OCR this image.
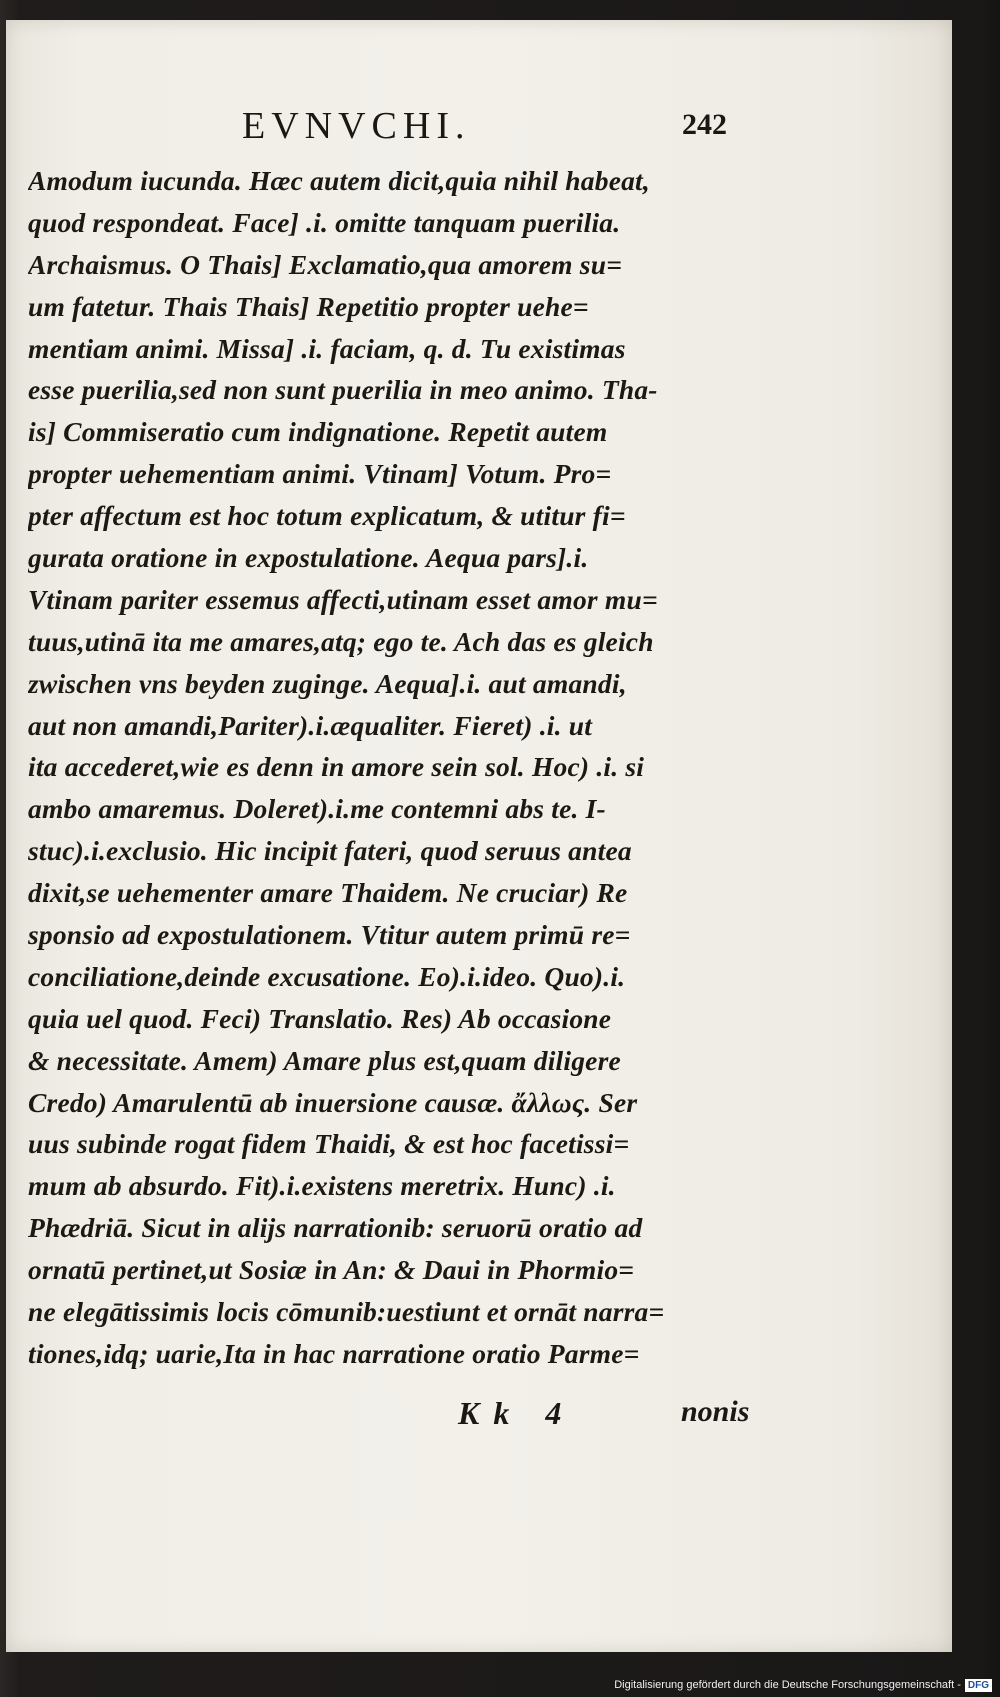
EVNVCHI.	242
Amodum iucunda. Hæc autem dicit,quia nihil habeat,
quod respondeat. Face] .i. omitte tanquam puerilia.
Archaismus. O Thais] Exclamatio,qua amorem su=
um fatetur. Thais Thais] Repetitio propter uehe=
mentiam animi. Missa] .i. faciam, q. d. Tu existimas
esse puerilia,sed non sunt puerilia in meo animo. Tha-
is] Commiseratio cum indignatione. Repetit autem
propter uehementiam animi. Vtinam] Votum. Pro=
pter affectum est hoc totum explicatum, & utitur fi=
gurata oratione in expostulatione. Aequa pars].i.
Vtinam pariter essemus affecti,utinam esset amor mu=
tuus,utinā ita me amares,atq; ego te. Ach das es gleich
zwischen vns beyden zuginge. Aequa].i. aut amandi,
aut non amandi,Pariter).i.æqualiter. Fieret) .i. ut
ita accederet,wie es denn in amore sein sol. Hoc) .i. si
ambo amaremus. Doleret).i.me contemni abs te. I-
stuc).i.exclusio. Hic incipit fateri, quod seruus antea
dixit,se uehementer amare Thaidem. Ne cruciar) Re
sponsio ad expostulationem. Vtitur autem primū re=
conciliatione,deinde excusatione. Eo).i.ideo. Quo).i.
quia uel quod. Feci) Translatio. Res) Ab occasione
& necessitate. Amem) Amare plus est,quam diligere
Credo) Amarulentū ab inuersione causæ. ἄλλως. Ser
uus subinde rogat fidem Thaidi, & est hoc facetissi=
mum ab absurdo. Fit).i.existens meretrix. Hunc) .i.
Phædriā. Sicut in alijs narrationib: seruorū oratio ad
ornatū pertinet,ut Sosiæ in An: & Daui in Phormio=
ne elegātissimis locis cōmunib:uestiunt et ornāt narra=
tiones,idq; uarie,Ita in hac narratione oratio Parme=
Kk 4	nonis
Digitalisierung gefördert durch die Deutsche Forschungsgemeinschaft - DFG
